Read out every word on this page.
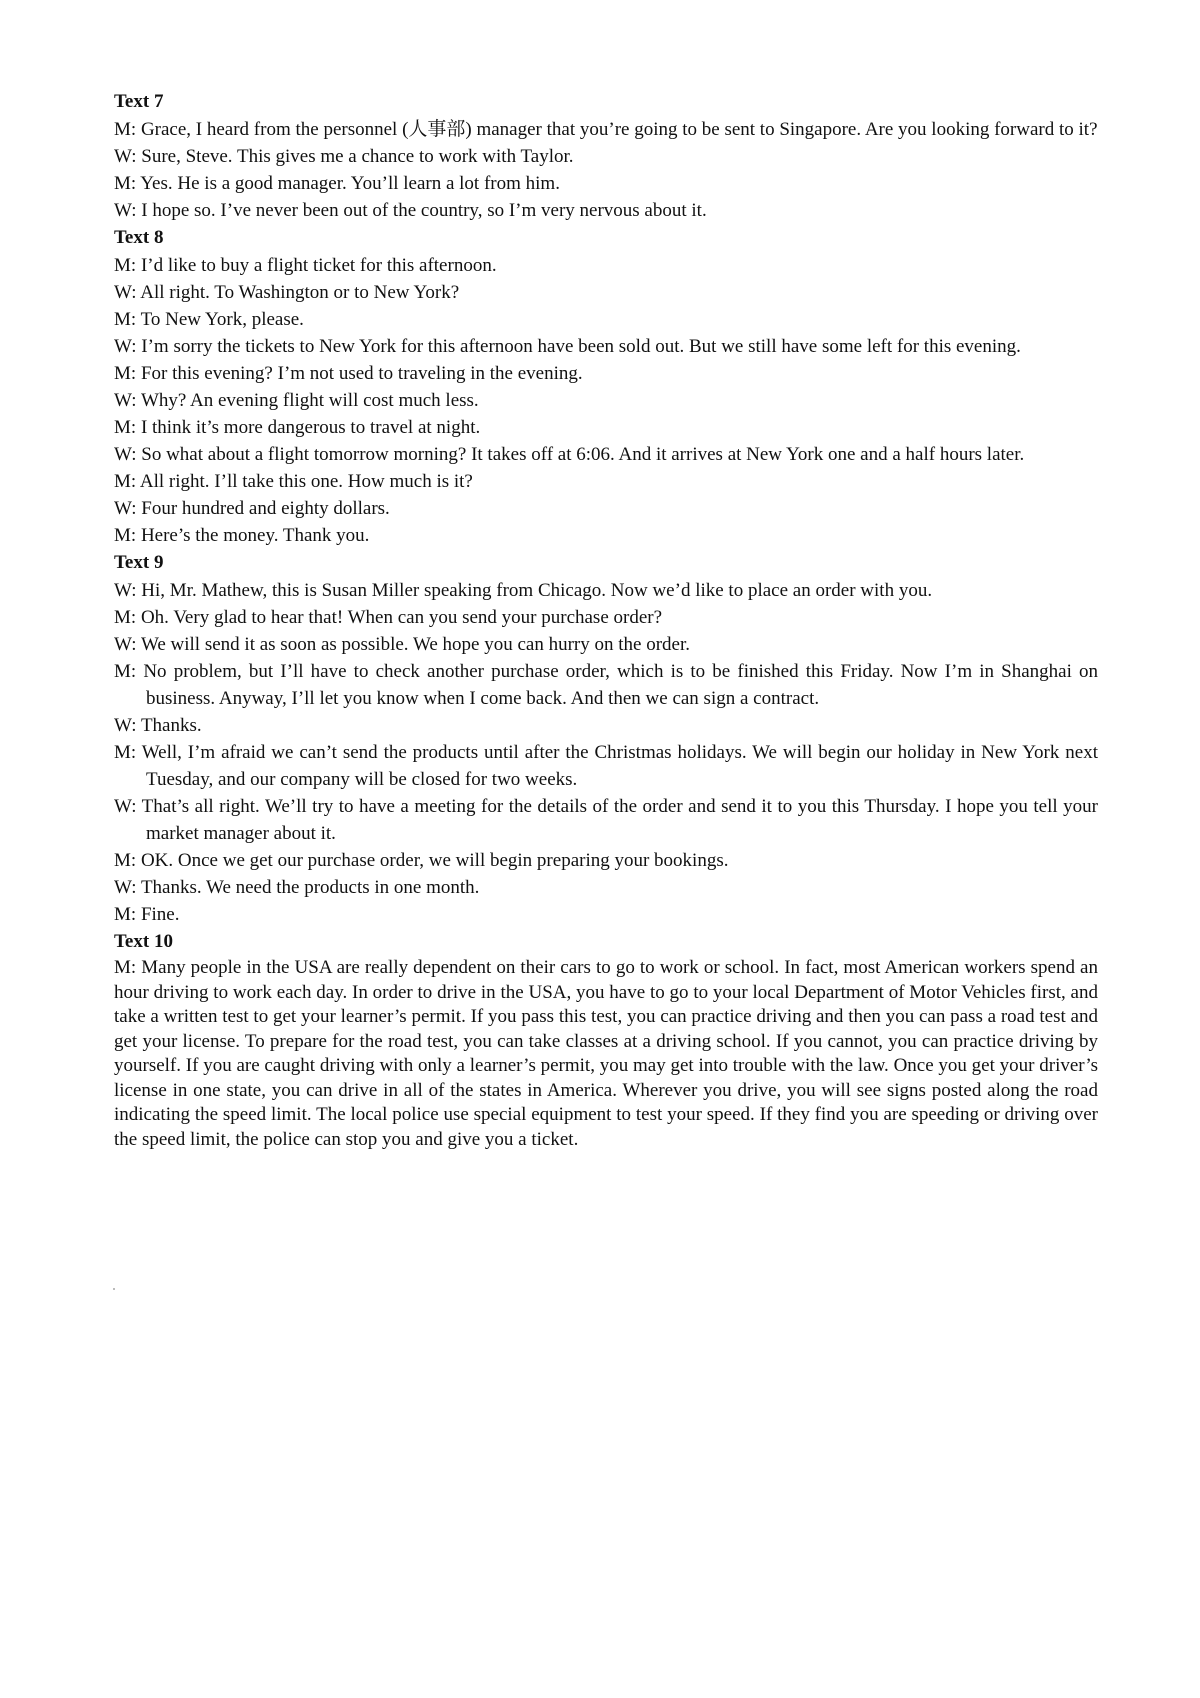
Text 7
M: Grace, I heard from the personnel (人事部) manager that you’re going to be sent to Singapore. Are you looking forward to it?
W: Sure, Steve. This gives me a chance to work with Taylor.
M: Yes. He is a good manager. You’ll learn a lot from him.
W: I hope so. I’ve never been out of the country, so I’m very nervous about it.
Text 8
M: I’d like to buy a flight ticket for this afternoon.
W: All right. To Washington or to New York?
M: To New York, please.
W: I’m sorry the tickets to New York for this afternoon have been sold out. But we still have some left for this evening.
M: For this evening? I’m not used to traveling in the evening.
W: Why? An evening flight will cost much less.
M: I think it’s more dangerous to travel at night.
W: So what about a flight tomorrow morning? It takes off at 6:06. And it arrives at New York one and a half hours later.
M: All right. I’ll take this one. How much is it?
W: Four hundred and eighty dollars.
M: Here’s the money. Thank you.
Text 9
W: Hi, Mr. Mathew, this is Susan Miller speaking from Chicago. Now we’d like to place an order with you.
M: Oh. Very glad to hear that! When can you send your purchase order?
W: We will send it as soon as possible. We hope you can hurry on the order.
M: No problem, but I’ll have to check another purchase order, which is to be finished this Friday. Now I’m in Shanghai on business. Anyway, I’ll let you know when I come back. And then we can sign a contract.
W: Thanks.
M: Well, I’m afraid we can’t send the products until after the Christmas holidays. We will begin our holiday in New York next Tuesday, and our company will be closed for two weeks.
W: That’s all right. We’ll try to have a meeting for the details of the order and send it to you this Thursday. I hope you tell your market manager about it.
M: OK. Once we get our purchase order, we will begin preparing your bookings.
W: Thanks. We need the products in one month.
M: Fine.
Text 10

M: Many people in the USA are really dependent on their cars to go to work or school. In fact, most American workers spend an hour driving to work each day. In order to drive in the USA, you have to go to your local Department of Motor Vehicles first, and take a written test to get your learner’s permit. If you pass this test, you can practice driving and then you can pass a road test and get your license. To prepare for the road test, you can take classes at a driving school. If you cannot, you can practice driving by yourself. If you are caught driving with only a learner’s permit, you may get into trouble with the law. Once you get your driver’s license in one state, you can drive in all of the states in America. Wherever you drive, you will see signs posted along the road indicating the speed limit. The local police use special equipment to test your speed. If they find you are speeding or driving over the speed limit, the police can stop you and give you a ticket.
